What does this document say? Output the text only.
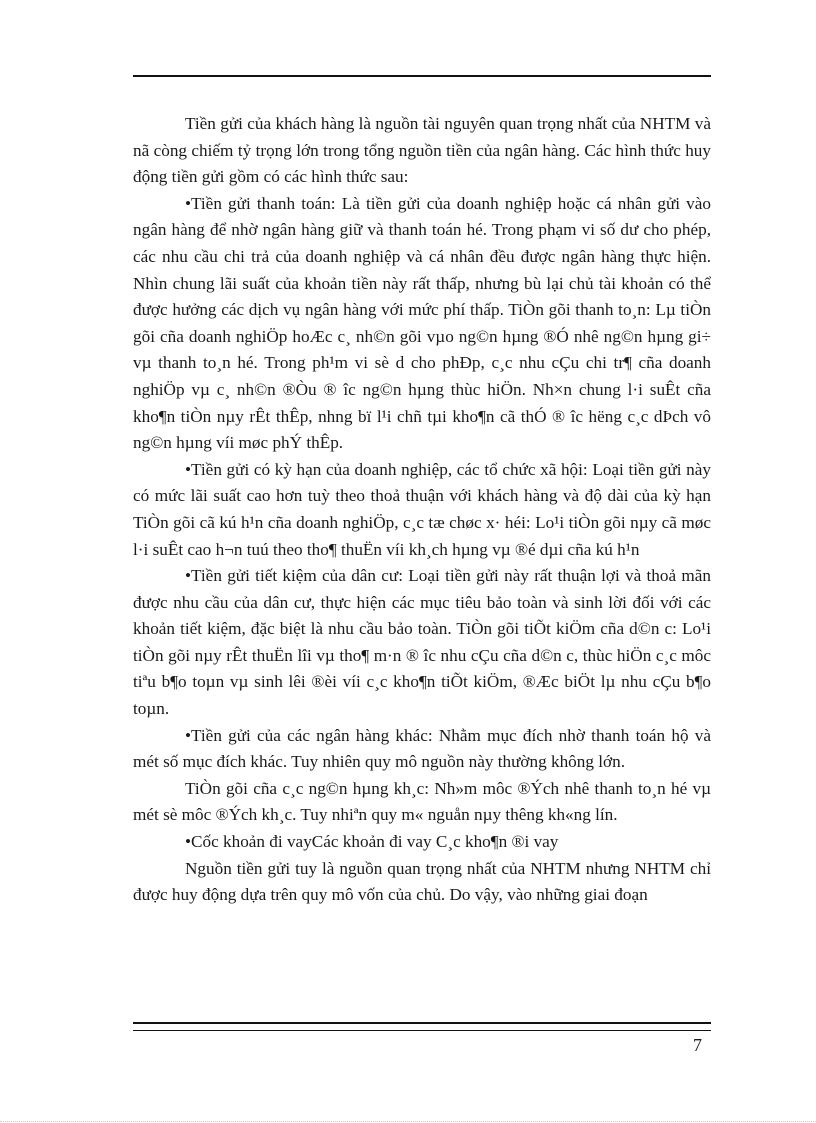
Tiền gửi của khách hàng là nguồn tài nguyên quan trọng nhất của NHTM và nã còng chiếm tỷ trọng lớn trong tổng nguồn tiền của ngân hàng. Các hình thức huy động tiền gửi gồm có các hình thức sau:

•Tiền gửi thanh toán: Là tiền gửi của doanh nghiệp hoặc cá nhân gửi vào ngân hàng để nhờ ngân hàng giữ và thanh toán hé. Trong phạm vi số dư cho phép, các nhu cầu chi trả của doanh nghiệp và cá nhân đều được ngân hàng thực hiện. Nhìn chung lãi suất của khoản tiền này rất thấp, nhưng bù lại chủ tài khoản có thể được hưởng các dịch vụ ngân hàng với mức phí thấp. TiÒn gõi thanh to¸n: Lµ tiÒn gõi cña doanh nghiÖp hoÆc c¸ nh©n gõi vµo ng©n hµng ®Ó nhê ng©n hµng gi÷ vµ thanh to¸n hé. Trong ph¹m vi sè d cho phÐp, c¸c nhu cÇu chi tr¶ cña doanh nghiÖp vµ c¸ nh©n ®Òu ® îc ng©n hµng thùc hiÖn. Nh×n chung l·i suÊt cña kho¶n tiÒn nµy rÊt thÊp, nhng bï l¹i chñ tµi kho¶n cã thÓ ® îc hëng c¸c dÞch vô ng©n hµng víi møc phÝ thÊp.

•Tiền gửi có kỳ hạn của doanh nghiệp, các tổ chức xã hội: Loại tiền gửi này có mức lãi suất cao hơn tuỳ theo thoả thuận với khách hàng và độ dài của kỳ hạn TiÒn gõi cã kú h¹n cña doanh nghiÖp, c¸c tæ chøc x· héi: Lo¹i tiÒn gõi nµy cã møc l·i suÊt cao h¬n tuú theo tho¶ thuËn víi kh¸ch hµng vµ ®é dµi cña kú h¹n

•Tiền gửi tiết kiệm của dân cư: Loại tiền gửi này rất thuận lợi và thoả mãn được nhu cầu của dân cư, thực hiện các mục tiêu bảo toàn và sinh lời đối với các khoản tiết kiệm, đặc biệt là nhu cầu bảo toàn. TiÒn gõi tiÕt kiÖm cña d©n c: Lo¹i tiÒn gõi nµy rÊt thuËn lîi vµ tho¶ m·n ® îc nhu cÇu cña d©n c, thùc hiÖn c¸c môc tiªu b¶o toµn vµ sinh lêi ®èi víi c¸c kho¶n tiÕt kiÖm, ®Æc biÖt lµ nhu cÇu b¶o toµn.

•Tiền gửi của các ngân hàng khác: Nhằm mục đích nhờ thanh toán hộ và mét số mục đích khác. Tuy nhiên quy mô nguồn này thường không lớn.

TiÒn gõi cña c¸c ng©n hµng kh¸c: Nh»m môc ®Ých nhê thanh to¸n hé vµ mét sè môc ®Ých kh¸c. Tuy nhiªn quy m« nguån nµy thêng kh«ng lín.

•Cốc khoản đi vayCác khoản đi vay C¸c kho¶n ®i vay

Nguồn tiền gửi tuy là nguồn quan trọng nhất của NHTM nhưng NHTM chỉ được huy động dựa trên quy mô vốn của chủ. Do vậy, vào những giai đoạn

7
